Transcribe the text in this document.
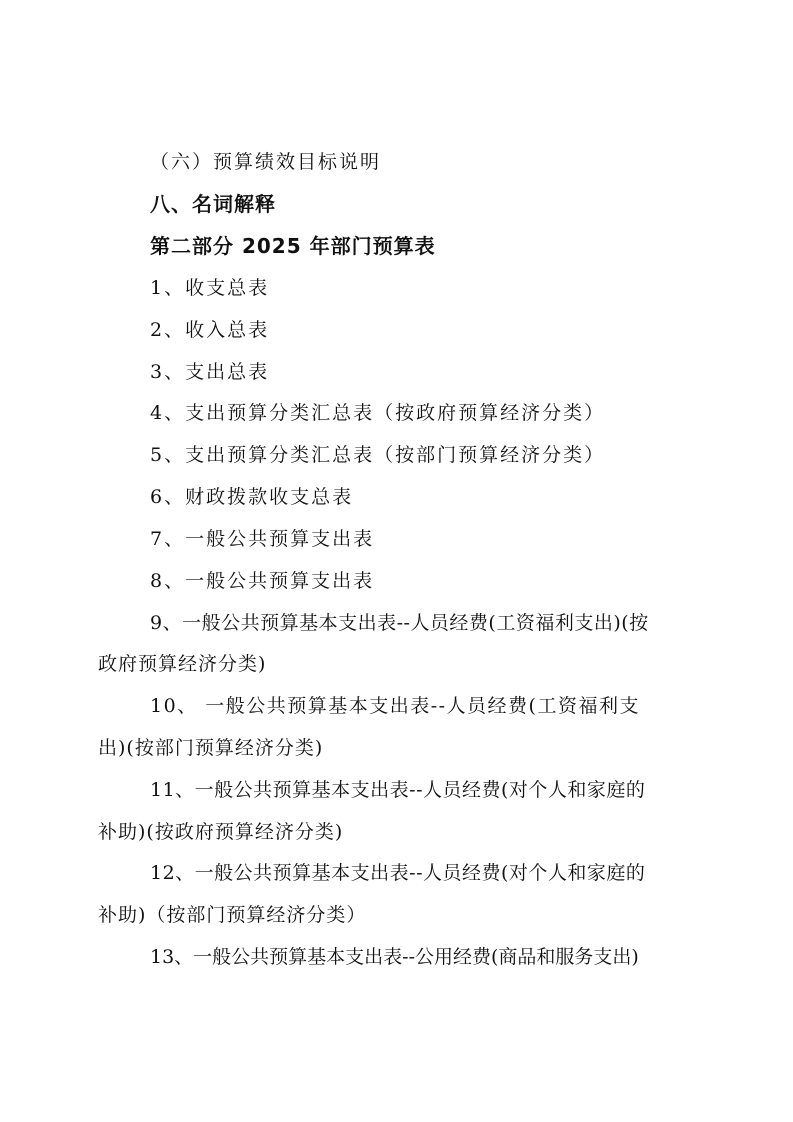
（六）预算绩效目标说明
八、名词解释
第二部分 2025 年部门预算表
1、收支总表
2、收入总表
3、支出总表
4、支出预算分类汇总表（按政府预算经济分类）
5、支出预算分类汇总表（按部门预算经济分类）
6、财政拨款收支总表
7、一般公共预算支出表
8、一般公共预算支出表
9、一般公共预算基本支出表--人员经费(工资福利支出)(按
政府预算经济分类)
10、 一般公共预算基本支出表--人员经费(工资福利支
出)(按部门预算经济分类)
11、一般公共预算基本支出表--人员经费(对个人和家庭的
补助)(按政府预算经济分类)
12、一般公共预算基本支出表--人员经费(对个人和家庭的
补助)（按部门预算经济分类）
13、一般公共预算基本支出表--公用经费(商品和服务支出)
